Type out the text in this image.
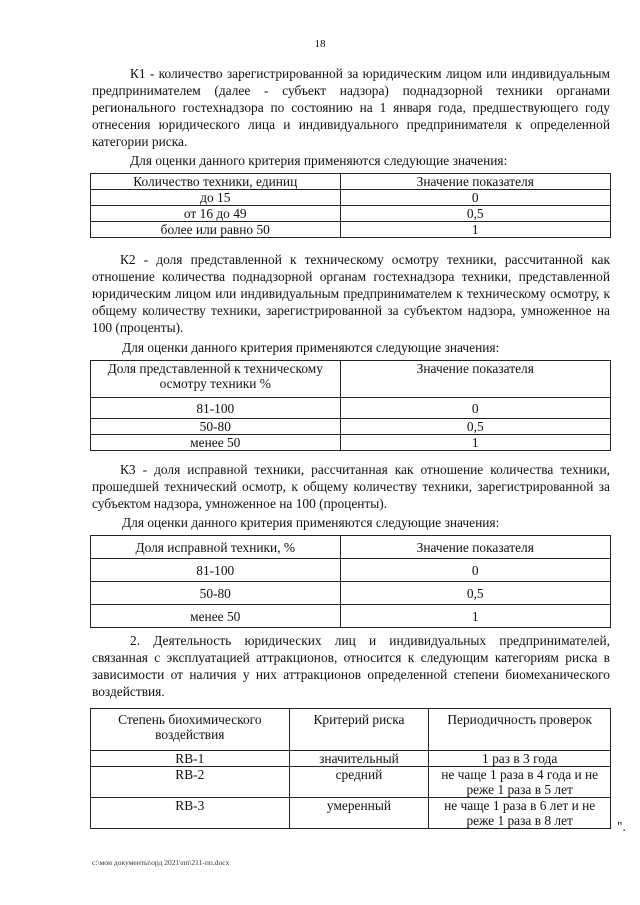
18

К1 - количество зарегистрированной за юридическим лицом или индивидуальным предпринимателем (далее - субъект надзора) поднадзорной техники органами регионального гостехнадзора по состоянию на 1 января года, предшествующего году отнесения юридического лица и индивидуального предпринимателя к определенной категории риска.

Для оценки данного критерия применяются следующие значения:

Количество техники, единиц	Значение показателя
до 15	0
от 16 до 49	0,5
более или равно 50	1

К2 - доля представленной к техническому осмотру техники, рассчитанной как отношение количества поднадзорной органам гостехнадзора техники, представленной юридическим лицом или индивидуальным предпринимателем к техническому осмотру, к общему количеству техники, зарегистрированной за субъектом надзора, умноженное на 100 (проценты).

Для оценки данного критерия применяются следующие значения:

Доля представленной к техническому осмотру техники %	Значение показателя
81-100	0
50-80	0,5
менее 50	1

К3 - доля исправной техники, рассчитанная как отношение количества техники, прошедшей технический осмотр, к общему количеству техники, зарегистрированной за субъектом надзора, умноженное на 100 (проценты).

Для оценки данного критерия применяются следующие значения:

Доля исправной техники, %	Значение показателя
81-100	0
50-80	0,5
менее 50	1

2. Деятельность юридических лиц и индивидуальных предпринимателей, связанная с эксплуатацией аттракционов, относится к следующим категориям риска в зависимости от наличия у них аттракционов определенной степени биомеханического воздействия.

Степень биохимического воздействия	Критерий риска	Периодичность проверок
RB-1	значительный	1 раз в 3 года
RB-2	средний	не чаще 1 раза в 4 года и не реже 1 раза в 5 лет
RB-3	умеренный	не чаще 1 раза в 6 лет и не реже 1 раза в 8 лет	".
c:\мои документы\орд 2021\пп\211-пп.docx
